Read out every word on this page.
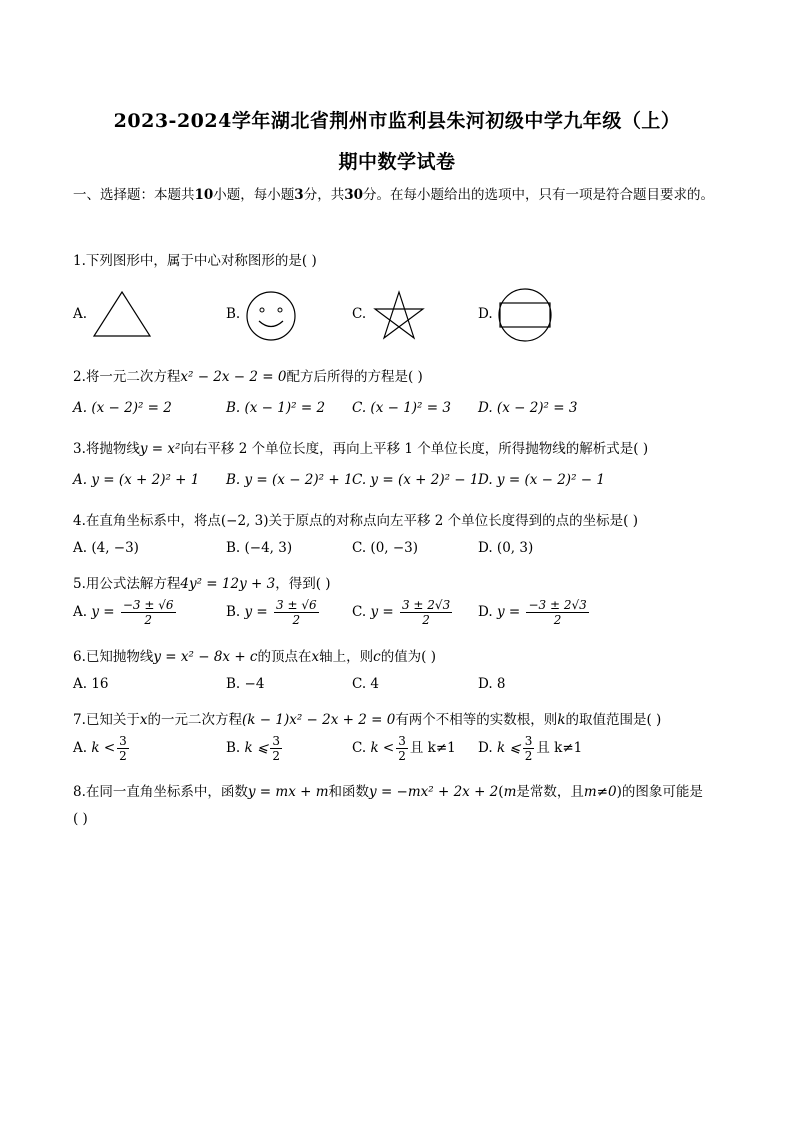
2023-2024学年湖北省荆州市监利县朱河初级中学九年级（上）
期中数学试卷
一、选择题：本题共10小题，每小题3分，共30分。在每小题给出的选项中，只有一项是符合题目要求的。
1.下列图形中，属于中心对称图形的是( )
A.	B.	C.	D.
2.将一元二次方程x² − 2x − 2 = 0配方后所得的方程是( )
A. (x − 2)² = 2	B. (x − 1)² = 2 C. (x − 1)² = 3 D. (x − 2)² = 3
3.将抛物线y = x²向右平移 2 个单位长度，再向上平移 1 个单位长度，所得抛物线的解析式是( )
A. y = (x + 2)² + 1 B. y = (x − 2)² + 1 C. y = (x + 2)² − 1 D. y = (x − 2)² − 1
4.在直角坐标系中，将点(−2, 3)关于原点的对称点向左平移 2 个单位长度得到的点的坐标是( )
A. (4, −3)	B. (−4, 3)	C. (0, −3)	D. (0, 3)
5.用公式法解方程4y² = 12y + 3，得到( )
A. $y = \frac{-3 \pm √6}{2}$	B. $y = \frac{3 \pm √6}{2} C$. $y = \frac{3 \pm 2√3}{2} D$. $y = \frac{-3 \pm 2√3}{2}$
6.已知抛物线y = x² − 8x + c的顶点在x轴上，则c的值为( )
A. 16	B. −4	C. 4	D. 8
7.已知关于x的一元二次方程(k − 1)x² − 2x + 2 = 0有两个不相等的实数根，则k的取值范围是( )
A. $k < \frac{3}{2}$	B. k ⩽ $\frac{3}{2}$	C. $k < \frac{3}{2}$ 且 k≠1 D. k ⩽ $\frac{3}{2}$ 且 k≠1
8.在同一直角坐标系中，函数y = mx + m和函数y = −mx² + 2x + 2(m是常数，且m≠0)的图象可能是
( )
